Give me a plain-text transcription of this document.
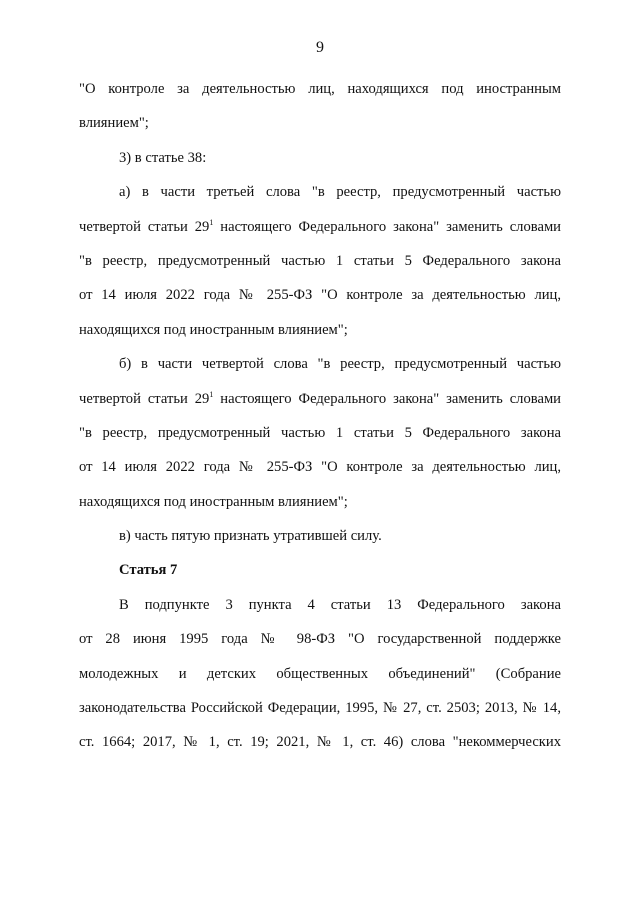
9
"О контроле за деятельностью лиц, находящихся под иностранным
влиянием";
3) в статье 38:
а) в части третьей слова "в реестр, предусмотренный частью
четвертой статьи $29^1$ настоящего Федерального закона" заменить словами
"в реестр, предусмотренный частью 1 статьи 5 Федерального закона
от 14 июля 2022 года № 255-ФЗ "О контроле за деятельностью лиц,
находящихся под иностранным влиянием";
б) в части четвертой слова "в реестр, предусмотренный частью
четвертой статьи $29^1$ настоящего Федерального закона" заменить словами
"в реестр, предусмотренный частью 1 статьи 5 Федерального закона
от 14 июля 2022 года № 255-ФЗ "О контроле за деятельностью лиц,
находящихся под иностранным влиянием";
в) часть пятую признать утратившей силу.
Статья 7
В подпункте 3 пункта 4 статьи 13 Федерального закона
от 28 июня 1995 года № 98-ФЗ "О государственной поддержке
молодежных и детских общественных объединений" (Собрание
законодательства Российской Федерации, 1995, № 27, ст. 2503; 2013, № 14,
ст. 1664; 2017, № 1, ст. 19; 2021, № 1, ст. 46) слова "некоммерческих
